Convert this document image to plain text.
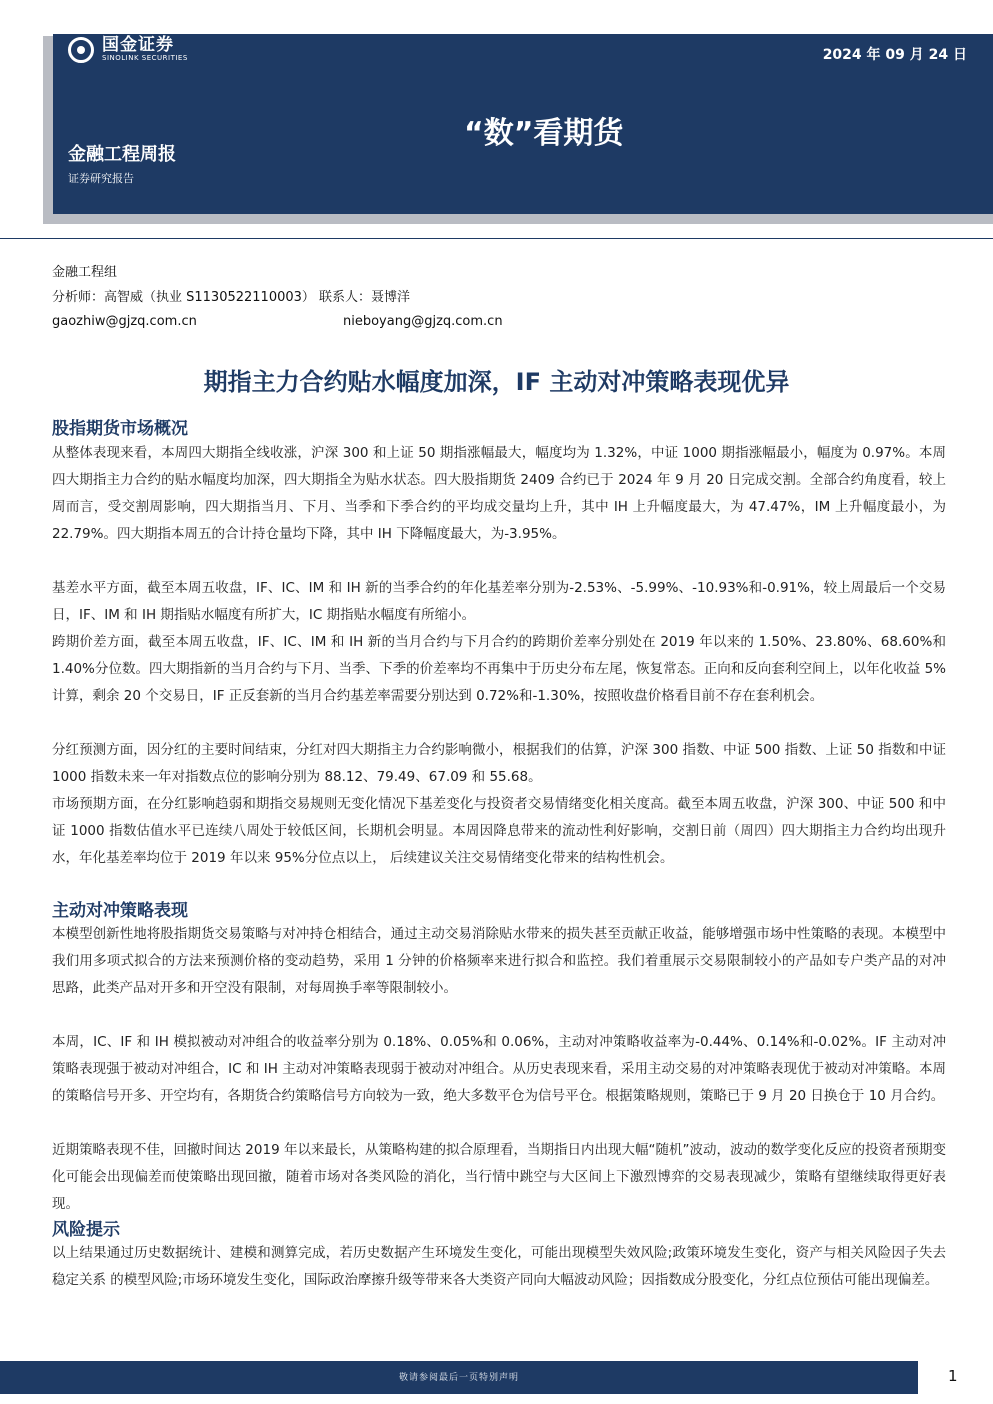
国金证券
SINOLINK SECURITIES	2024 年 09 月 24 日
“数”看期货
金融工程周报
证券研究报告
金融工程组
分析师：高智威（执业 S1130522110003） 联系人：聂博洋
gaozhiw@gjzq.com.cn	nieboyang@gjzq.com.cn
期指主力合约贴水幅度加深，IF 主动对冲策略表现优异
股指期货市场概况

从整体表现来看，本周四大期指全线收涨，沪深 300 和上证 50 期指涨幅最大，幅度均为 1.32%，中证 1000 期指涨幅最小，幅度为 0.97%。本周四大期指主力合约的贴水幅度均加深，四大期指全为贴水状态。四大股指期货 2409 合约已于 2024 年 9 月 20 日完成交割。全部合约角度看，较上周而言，受交割周影响，四大期指当月、下月、当季和下季合约的平均成交量均上升，其中 IH 上升幅度最大，为 47.47%，IM 上升幅度最小，为 22.79%。四大期指本周五的合计持仓量均下降，其中 IH 下降幅度最大，为-3.95%。

基差水平方面，截至本周五收盘，IF、IC、IM 和 IH 新的当季合约的年化基差率分别为-2.53%、-5.99%、-10.93%和-0.91%，较上周最后一个交易日，IF、IM 和 IH 期指贴水幅度有所扩大，IC 期指贴水幅度有所缩小。

跨期价差方面，截至本周五收盘，IF、IC、IM 和 IH 新的当月合约与下月合约的跨期价差率分别处在 2019 年以来的 1.50%、23.80%、68.60%和 1.40%分位数。四大期指新的当月合约与下月、当季、下季的价差率均不再集中于历史分布左尾，恢复常态。正向和反向套利空间上，以年化收益 5%计算，剩余 20 个交易日，IF 正反套新的当月合约基差率需要分别达到 0.72%和-1.30%，按照收盘价格看目前不存在套利机会。

分红预测方面，因分红的主要时间结束，分红对四大期指主力合约影响微小，根据我们的估算，沪深 300 指数、中证 500 指数、上证 50 指数和中证 1000 指数未来一年对指数点位的影响分别为 88.12、79.49、67.09 和 55.68。

市场预期方面，在分红影响趋弱和期指交易规则无变化情况下基差变化与投资者交易情绪变化相关度高。截至本周五收盘，沪深 300、中证 500 和中证 1000 指数估值水平已连续八周处于较低区间，长期机会明显。本周因降息带来的流动性利好影响，交割日前（周四）四大期指主力合约均出现升水，年化基差率均位于 2019 年以来 95%分位点以上， 后续建议关注交易情绪变化带来的结构性机会。

主动对冲策略表现

本模型创新性地将股指期货交易策略与对冲持仓相结合，通过主动交易消除贴水带来的损失甚至贡献正收益，能够增强市场中性策略的表现。本模型中我们用多项式拟合的方法来预测价格的变动趋势，采用 1 分钟的价格频率来进行拟合和监控。我们着重展示交易限制较小的产品如专户类产品的对冲思路，此类产品对开多和开空没有限制，对每周换手率等限制较小。

本周，IC、IF 和 IH 模拟被动对冲组合的收益率分别为 0.18%、0.05%和 0.06%，主动对冲策略收益率为-0.44%、0.14%和-0.02%。IF 主动对冲策略表现强于被动对冲组合，IC 和 IH 主动对冲策略表现弱于被动对冲组合。从历史表现来看，采用主动交易的对冲策略表现优于被动对冲策略。本周的策略信号开多、开空均有，各期货合约策略信号方向较为一致，绝大多数平仓为信号平仓。根据策略规则，策略已于 9 月 20 日换仓于 10 月合约。

近期策略表现不佳，回撤时间达 2019 年以来最长，从策略构建的拟合原理看，当期指日内出现大幅“随机”波动，波动的数学变化反应的投资者预期变化可能会出现偏差而使策略出现回撤，随着市场对各类风险的消化，当行情中跳空与大区间上下激烈博弈的交易表现减少，策略有望继续取得更好表现。

风险提示

以上结果通过历史数据统计、建模和测算完成，若历史数据产生环境发生变化，可能出现模型失效风险;政策环境发生变化，资产与相关风险因子失去稳定关系 的模型风险;市场环境发生变化，国际政治摩擦升级等带来各大类资产同向大幅波动风险；因指数成分股变化，分红点位预估可能出现偏差。

敬请参阅最后一页特别声明	1
